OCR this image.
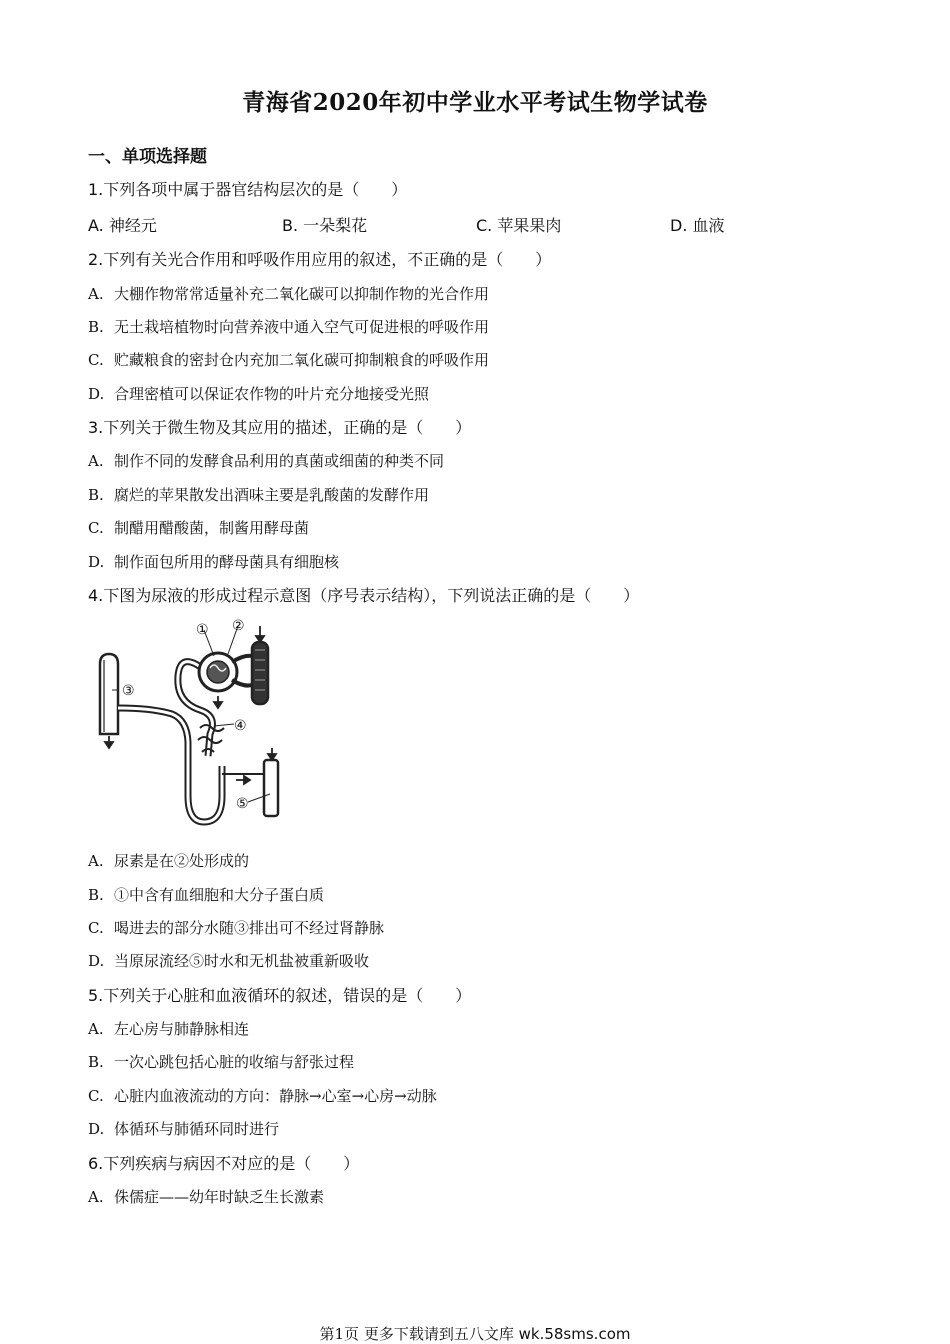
青海省2020年初中学业水平考试生物学试卷
一、单项选择题
1.下列各项中属于器官结构层次的是（　　）
A. 神经元	B. 一朵梨花	C. 苹果果肉	D. 血液
2.下列有关光合作用和呼吸作用应用的叙述，不正确的是（　　）
A. 大棚作物常常适量补充二氧化碳可以抑制作物的光合作用
B. 无土栽培植物时向营养液中通入空气可促进根的呼吸作用
C. 贮藏粮食的密封仓内充加二氧化碳可抑制粮食的呼吸作用
D. 合理密植可以保证农作物的叶片充分地接受光照
3.下列关于微生物及其应用的描述，正确的是（　　）
A. 制作不同的发酵食品利用的真菌或细菌的种类不同
B. 腐烂的苹果散发出酒味主要是乳酸菌的发酵作用
C. 制醋用醋酸菌，制酱用酵母菌
D. 制作面包所用的酵母菌具有细胞核
4.下图为尿液的形成过程示意图（序号表示结构），下列说法正确的是（　　）
① ②
③
④
⑤
A. 尿素是在②处形成的
B. ①中含有血细胞和大分子蛋白质
C. 喝进去的部分水随③排出可不经过肾静脉
D. 当原尿流经⑤时水和无机盐被重新吸收
5.下列关于心脏和血液循环的叙述，错误的是（　　）
A. 左心房与肺静脉相连
B. 一次心跳包括心脏的收缩与舒张过程
C. 心脏内血液流动的方向：静脉→心室→心房→动脉
D. 体循环与肺循环同时进行
6.下列疾病与病因不对应的是（　　）
A. 侏儒症——幼年时缺乏生长激素
第1页 更多下载请到五八文库 wk.58sms.com
